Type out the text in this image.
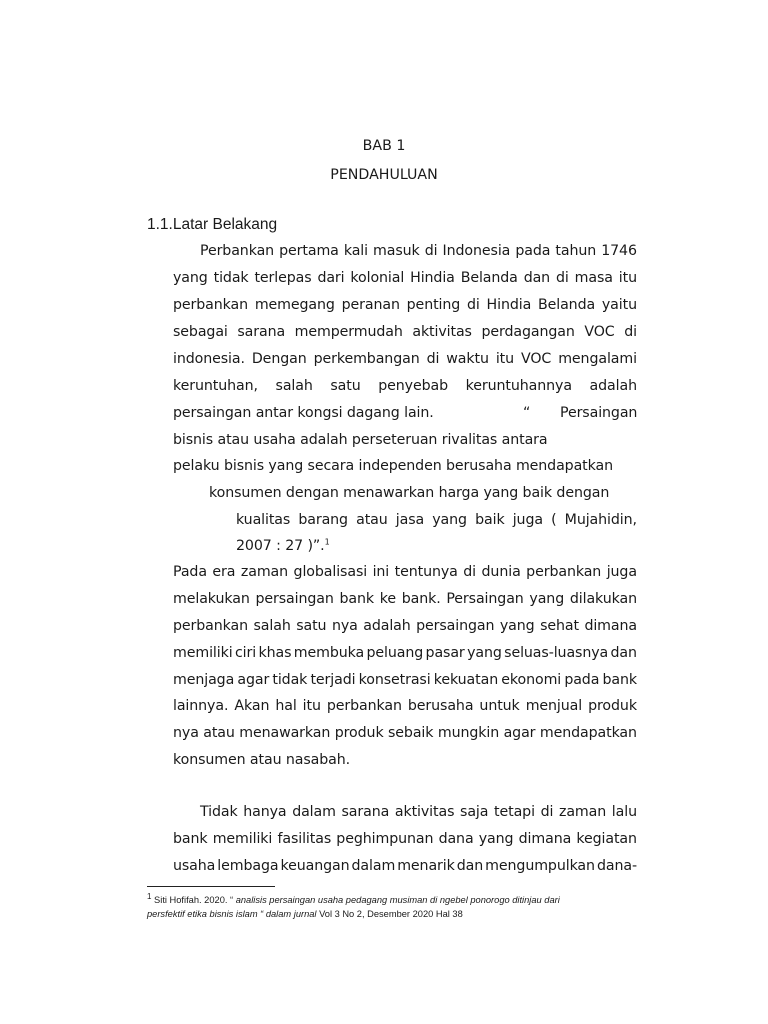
BAB 1
PENDAHULUAN
1.1.Latar Belakang
Perbankan pertama kali masuk di Indonesia pada tahun 1746
yang tidak terlepas dari kolonial Hindia Belanda dan di masa itu
perbankan memegang peranan penting di Hindia Belanda yaitu
sebagai sarana mempermudah aktivitas perdagangan VOC di
indonesia. Dengan perkembangan di waktu itu VOC mengalami
keruntuhan, salah satu penyebab keruntuhannya adalah
persaingan antar kongsi dagang lain.	“ Persaingan
bisnis atau usaha adalah perseteruan rivalitas antara
pelaku bisnis yang secara independen berusaha mendapatkan
konsumen dengan menawarkan harga yang baik dengan
kualitas barang atau jasa yang baik juga ( Mujahidin,
2007 : 27 )”.$^1$
Pada era zaman globalisasi ini tentunya di dunia perbankan juga
melakukan persaingan bank ke bank. Persaingan yang dilakukan
perbankan salah satu nya adalah persaingan yang sehat dimana
memiliki ciri khas membuka peluang pasar yang seluas-luasnya dan
menjaga agar tidak terjadi konsetrasi kekuatan ekonomi pada bank
lainnya. Akan hal itu perbankan berusaha untuk menjual produk
nya atau menawarkan produk sebaik mungkin agar mendapatkan
konsumen atau nasabah.
Tidak hanya dalam sarana aktivitas saja tetapi di zaman lalu
bank memiliki fasilitas peghimpunan dana yang dimana kegiatan
usaha lembaga keuangan dalam menarik dan mengumpulkan dana-
1 Siti Hofifah. 2020. “ analisis persaingan usaha pedagang musiman di ngebel ponorogo ditinjau dari
persfektif etika bisnis islam “ dalam jurnal Vol 3 No 2, Desember 2020 Hal 38
